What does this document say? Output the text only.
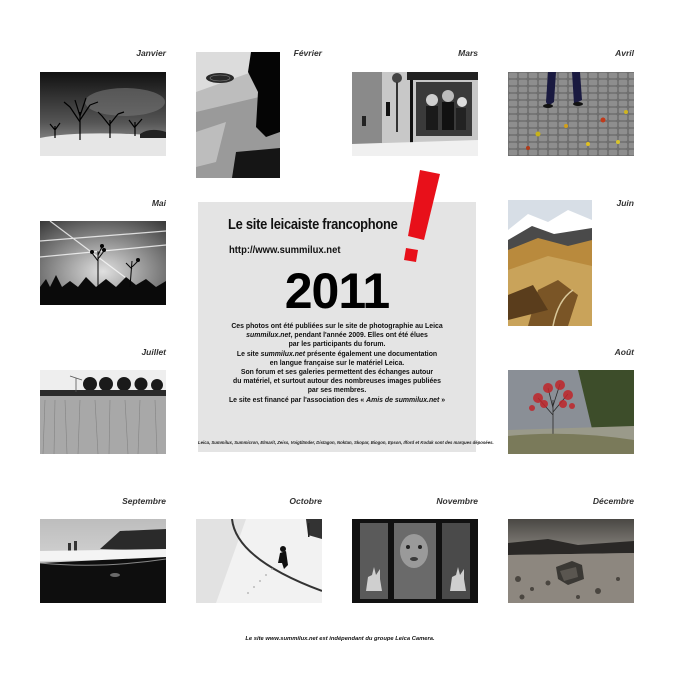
Janvier	Février	Mars	Avril
Mai	Juin
Juillet	Août
Septembre	Octobre	Novembre	Décembre
Le site leicaiste francophone
http://www.summilux.net
2011
Ces photos ont été publiées sur le site de photographie au Leica
summilux.net, pendant l'année 2009. Elles ont été élues
par les participants du forum.
Le site summilux.net présente également une documentation
en langue française sur le matériel Leica.
Son forum et ses galeries permettent des échanges autour
du matériel, et surtout autour des nombreuses images publiées
par ses membres.
Le site est financé par l'association des « Amis de summilux.net »
Leica, Summilux, Summicron, Elmarit, Zeiss, Voigtländer, Distagon, Noktan, Skopar, Biogon, Epson, Ilford et Kodak sont des marques déposées.
Le site www.summilux.net est indépendant du groupe Leica Camera.
